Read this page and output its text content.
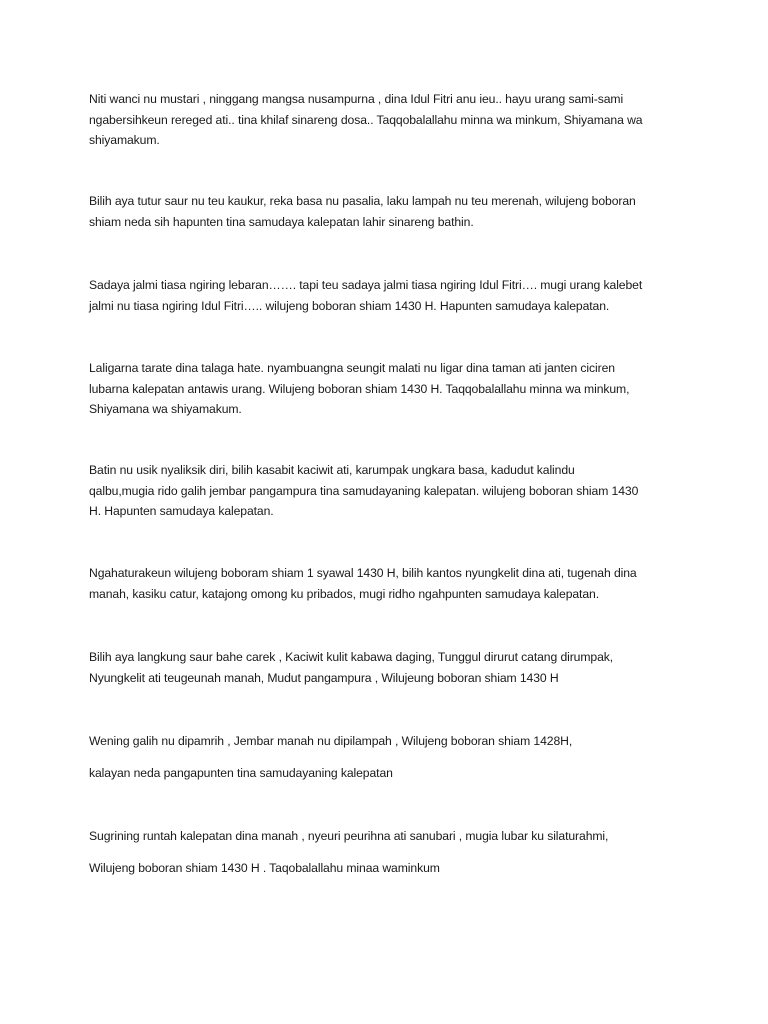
Niti wanci nu mustari , ninggang mangsa nusampurna , dina Idul Fitri anu ieu.. hayu urang sami-sami
ngabersihkeun rereged ati.. tina khilaf sinareng dosa.. Taqqobalallahu minna wa minkum, Shiyamana wa
shiyamakum.

Bilih aya tutur saur nu teu kaukur, reka basa nu pasalia, laku lampah nu teu merenah, wilujeng boboran
shiam neda sih hapunten tina samudaya kalepatan lahir sinareng bathin.

Sadaya jalmi tiasa ngiring lebaran……. tapi teu sadaya jalmi tiasa ngiring Idul Fitri…. mugi urang kalebet
jalmi nu tiasa ngiring Idul Fitri….. wilujeng boboran shiam 1430 H. Hapunten samudaya kalepatan.

Laligarna tarate dina talaga hate. nyambuangna seungit malati nu ligar dina taman ati janten ciciren
lubarna kalepatan antawis urang. Wilujeng boboran shiam 1430 H. Taqqobalallahu minna wa minkum,
Shiyamana wa shiyamakum.

Batin nu usik nyaliksik diri, bilih kasabit kaciwit ati, karumpak ungkara basa, kadudut kalindu
qalbu,mugia rido galih jembar pangampura tina samudayaning kalepatan. wilujeng boboran shiam 1430
H. Hapunten samudaya kalepatan.

Ngahaturakeun wilujeng boboram shiam 1 syawal 1430 H, bilih kantos nyungkelit dina ati, tugenah dina
manah, kasiku catur, katajong omong ku pribados, mugi ridho ngahpunten samudaya kalepatan.

Bilih aya langkung saur bahe carek , Kaciwit kulit kabawa daging, Tunggul dirurut catang dirumpak,
Nyungkelit ati teugeunah manah, Mudut pangampura , Wilujeung boboran shiam 1430 H

Wening galih nu dipamrih , Jembar manah nu dipilampah , Wilujeng boboran shiam 1428H,

kalayan neda pangapunten tina samudayaning kalepatan

Sugrining runtah kalepatan dina manah , nyeuri peurihna ati sanubari , mugia lubar ku silaturahmi,

Wilujeng boboran shiam 1430 H . Taqobalallahu minaa waminkum
